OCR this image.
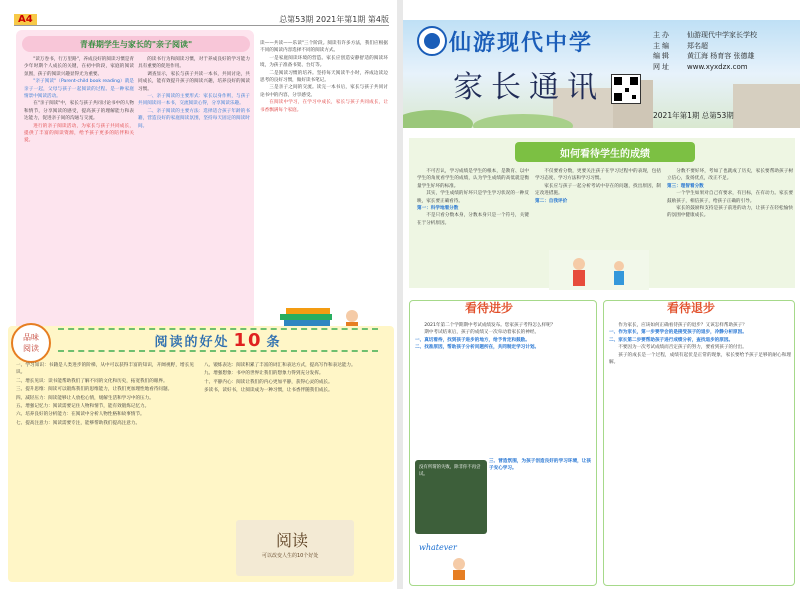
A4	总第53期 2021年第1期 第4版
青春期学生与家长的"亲子阅读"

"读万卷书，行万里路"，养成良好的阅读习惯是青少年时期个人成长的关键，在初中阶段，家庭的阅读氛围，孩子的阅读兴趣显得尤为重要。

"亲子阅读"（Parent-child book reading）就是亲子一起，父母与孩子一起阅读的过程。是一种家庭情景中阅读活动。

在"亲子阅读"中，家长与孩子共同讨论书中的人物和情节，分享阅读的感受，提高孩子的理解能力和表达能力，促进亲子间的沟通与交流。

进行的亲子阅读活动，为家长与孩子共同成长，提供了丰富的阅读资源，给予孩子更多的陪伴和关爱。

的读书行为和阅读习惯，对于养成良好的学习能力具有重要的促进作用。

调查显示，家长与孩子共读一本书，共同讨论，共同成长，能有效提升孩子的阅读兴趣，培养良好的阅读习惯。

一、亲子阅读的主要形式：家长以身作则，与孩子共同阅读同一本书，交流阅读心得，分享阅读乐趣。

二、亲子阅读的主要方法：选择适合孩子年龄的书籍，营造良好的家庭阅读氛围，坚持每天固定的阅读时间。

读——共读——乐读"三个阶段。阅读有许多方法，我们应根据不同的阅读内容选择不同的阅读方式。

一是家庭阅读环境的营造。家长应创造安静舒适的阅读环境，为孩子准备书架、台灯等。

二是阅读习惯的培养。坚持每天阅读半小时，养成边读边思考的良好习惯，做好读书笔记。

三是亲子之间的交流。读完一本书后，家长与孩子共同讨论书中的内容，分享感受。

在阅读中学习，在学习中成长，家长与孩子共同成长，让书香飘满每个家庭。

品味
阅读	阅读的好处 10 条

一、学习知识：书籍是人类进步的阶梯，从中可以获得丰富的知识，开阔视野，增长见识。

二、增长见识：读书能帮助我们了解不同的文化和历史，拓宽我们的眼界。

三、提升思维：阅读可以锻炼我们的思维能力，让我们更加理性地看待问题。

四、减轻压力：阅读能够让人放松心情，缓解生活和学习中的压力。

五、增强记忆力：阅读需要记住人物和情节，能有效锻炼记忆力。

六、培养良好的分析能力：在阅读中分析人物性格和故事情节。

七、提高注意力：阅读需要专注，能够帮助我们提高注意力。

八、锻炼表达：阅读积累了丰富的词汇和表达方式，提高写作和表达能力。

九、增强想象：书中的世界让我们的想象力得到充分发挥。

十、平静内心：阅读让我们的内心更加平静，获得心灵的成长。

多读书，读好书，让阅读成为一种习惯，让书香伴随我们成长。

阅读
可以改变人生的10个好处
仙游现代中学
家长通讯
主办	仙游现代中学家长学校
主编	郑名超
编辑	黄江海 杨育容 张德雄
网址	www.xyxdzx.com
2021年第1期 总第53期
如何看待学生的成绩

不可否认，学习成绩是学生的根本，是教育、以中学生的角度看学生的成绩，认为学生成绩的高低就是衡量学生好坏的标准。

其实，学生成绩的好坏只是学生学习状况的一种反映，家长要正确看待。

第一：科学地看分数

不是只看分数本身，分数本身只是一个符号，关键在于分析原因。

不仅要看分数，更要关注孩子在学习过程中的表现，包括学习态度、学习方法和学习习惯。

家长应与孩子一起分析考试中存在的问题，找出原因，制定改进措施。

第二：自我评价

分数不要好坏，考如了也就成了历史，家长要帮助孩子树立信心，发扬优点，改正不足。

第三：理智看分数

一个学生如果对自己有要求，有目标，在有动力。家长要鼓励孩子，相信孩子，给孩子正确的引导。

家长的鼓励和支持是孩子前进的动力，让孩子在轻松愉快的氛围中健康成长。

看待进步	看待退步

2021年第二个学期期中考试成绩发布。您家孩子考得怎么样呢？

期中考试结束后，孩子的成绩又一次牵动着家长的神经。

一、真切看待，找到孩子进步的地方，给予肯定和鼓励。

二、找准原因，帮助孩子分析问题所在，共同制定学习计划。

三、营造氛围，为孩子创造良好的学习环境，让孩子安心学习。

没有所谓的失败，除非你不再尝试。
whatever

作为家长，应该如何正确看待孩子的退步？又该怎样帮助孩子？

一、作为家长，第一步要学会的是接受孩子的退步，冷静分析原因。

二、家长第二步要帮助孩子进行成绩分析，查找退步的原因。

不要因为一次考试成绩而否定孩子的努力，要看到孩子的付出。

孩子的成长是一个过程，成绩有起伏是正常的现象，家长要给予孩子足够的耐心和理解。
